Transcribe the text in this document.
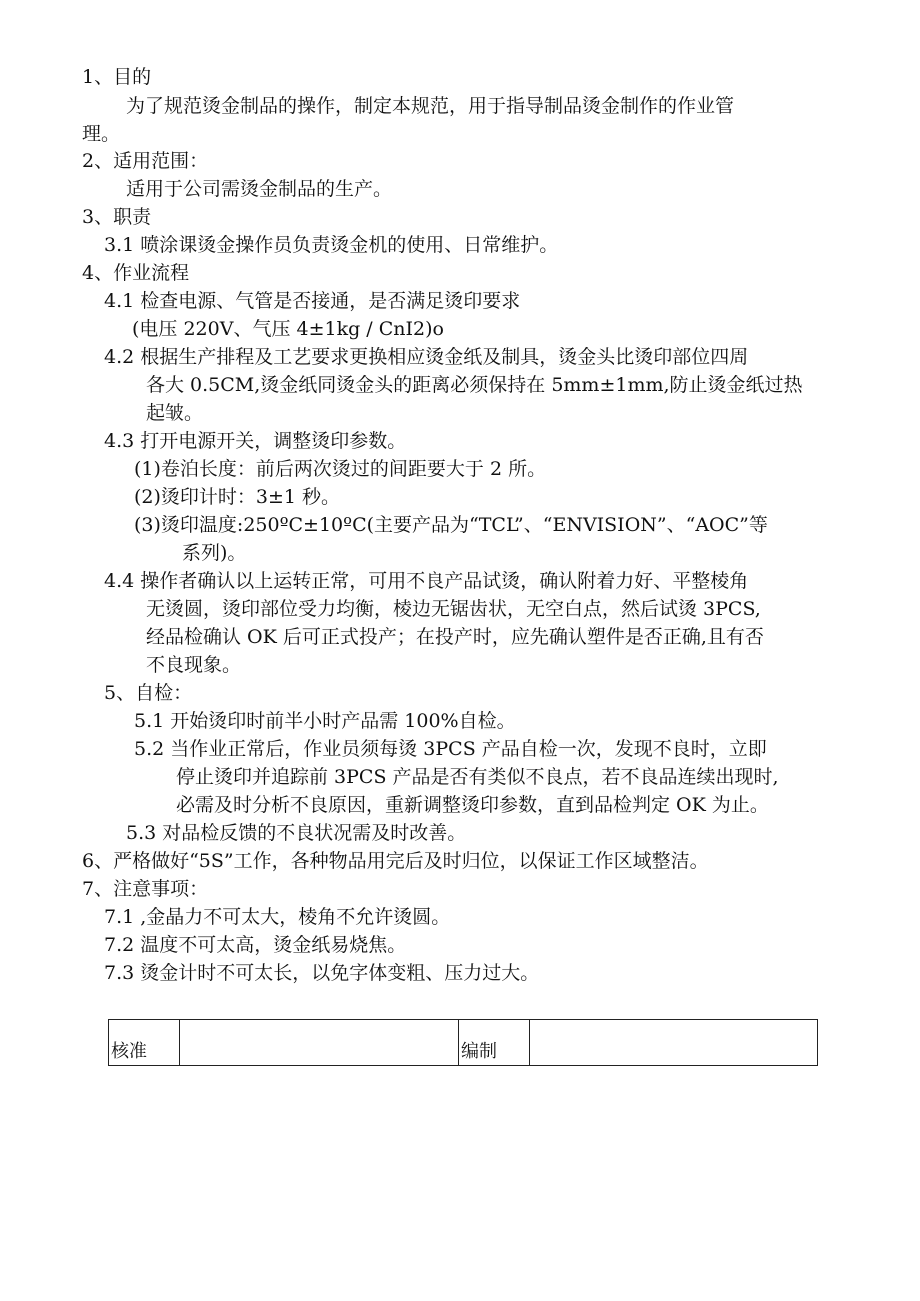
1、目的
为了规范烫金制品的操作，制定本规范，用于指导制品烫金制作的作业管
理。
2、适用范围：
适用于公司需烫金制品的生产。
3、职责
3.1 喷涂课烫金操作员负责烫金机的使用、日常维护。
4、作业流程
4.1 检查电源、气管是否接通，是否满足烫印要求
(电压 220V、气压 4±1kg / CnI2)o
4.2 根据生产排程及工艺要求更换相应烫金纸及制具，烫金头比烫印部位四周
各大 0.5CM,烫金纸同烫金头的距离必须保持在 5mm±1mm,防止烫金纸过热
起皱。
4.3 打开电源开关，调整烫印参数。
(1)卷泊长度：前后两次烫过的间距要大于 2 所。
(2)烫印计时：3±1 秒。
(3)烫印温度:250ºC±10ºC(主要产品为“TCL”、“ENVISION”、“AOC”等
系列)。
4.4 操作者确认以上运转正常，可用不良产品试烫，确认附着力好、平整棱角
无烫圆，烫印部位受力均衡，棱边无锯齿状，无空白点，然后试烫 3PCS,
经品检确认 OK 后可正式投产；在投产时，应先确认塑件是否正确,且有否
不良现象。
5、自检：
5.1 开始烫印时前半小时产品需 100%自检。
5.2 当作业正常后，作业员须每烫 3PCS 产品自检一次，发现不良时，立即
停止烫印并追踪前 3PCS 产品是否有类似不良点，若不良品连续出现时,
必需及时分析不良原因，重新调整烫印参数，直到品检判定 OK 为止。
5.3 对品检反馈的不良状况需及时改善。
6、严格做好“5S”工作，各种物品用完后及时归位，以保证工作区域整洁。
7、注意事项：
7.1 ,金晶力不可太大，棱角不允许烫圆。
7.2 温度不可太高，烫金纸易烧焦。
7.3 烫金计时不可太长，以免字体变粗、压力过大。
核准		编制	
